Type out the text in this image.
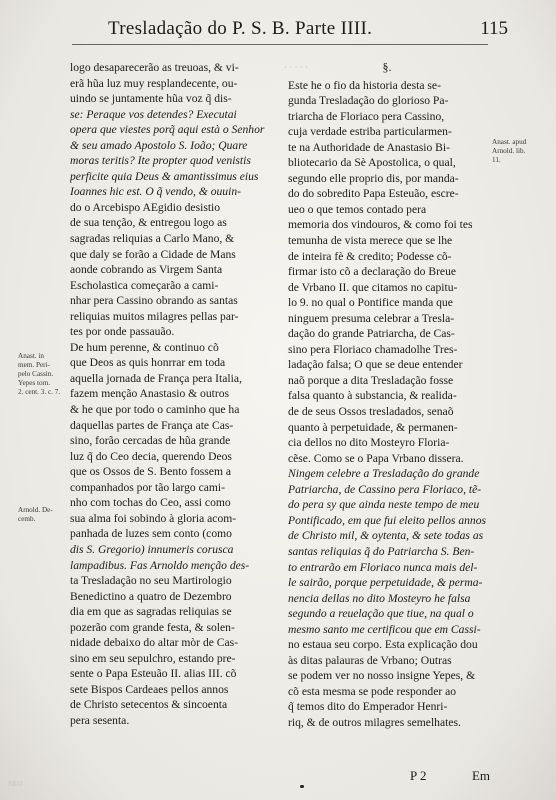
Tresladação do P. S. B. Parte IIII.	115
· · · · ·
logo desaparecerão as treuoas, & vi-
erã hũa luz muy resplandecente, ou-
uindo se juntamente hũa voz q̃ dis-
se: Peraque vos detendes? Executai
opera que viestes porq̃ aqui està o Senhor
& seu amado Apostolo S. Ioão; Quare
moras teritis? Ite propter quod venistis
perficite quia Deus & amantissimus eius
Ioannes hic est. O q̃ vendo, & ouuin-
do o Arcebispo AEgidio desistio
de sua tenção, & entregou logo as
sagradas reliquias a Carlo Mano, &
que daly se forão a Cidade de Mans
aonde cobrando as Virgem Santa
Escholastica começarão a cami-
nhar pera Cassino obrando as santas
reliquias muitos milagres pellas par-
tes por onde passauão.
De hum perenne, & continuo cõ
que Deos as quis honrrar em toda
aquella jornada de França pera Italia,
fazem menção Anastasio & outros
& he que por todo o caminho que ha
daquellas partes de França ate Cas-
sino, forão cercadas de hũa grande
luz q̃ do Ceo decia, querendo Deos
que os Ossos de S. Bento fossem a
companhados por tão largo cami-
nho com tochas do Ceo, assi como
sua alma foi sobindo à gloria acom-
panhada de luzes sem conto (como
dis S. Gregorio) innumeris corusca
lampadibus. Fas Arnoldo menção des-
ta Tresladação no seu Martirologio
Benedictino a quatro de Dezembro
dia em que as sagradas reliquias se
pozerão com grande festa, & solen-
nidade debaixo do altar mòr de Cas-
sino em seu sepulchro, estando pre-
sente o Papa Esteuão II. alias III. cõ
sete Bispos Cardeaes pellos annos
de Christo setecentos & sincoenta
pera sesenta.
§.
Este he o fio da historia desta se-
gunda Tresladação do glorioso Pa-
triarcha de Floriaco pera Cassino,
cuja verdade estriba particularmen-
te na Authoridade de Anastasio Bi-
bliotecario da Sè Apostolica, o qual,
segundo elle proprio dis, por manda-
do do sobredito Papa Esteuão, escre-
ueo o que temos contado pera
memoria dos vindouros, & como foi tes
temunha de vista merece que se lhe
de inteira fè & credito; Podesse cõ-
firmar isto cõ a declaração do Breue
de Vrbano II. que citamos no capitu-
lo 9. no qual o Pontifice manda que
ninguem presuma celebrar a Tresla-
dação do grande Patriarcha, de Cas-
sino pera Floriaco chamadolhe Tres-
ladação falsa; O que se deue entender
naõ porque a dita Tresladação fosse
falsa quanto à substancia, & realida-
de de seus Ossos tresladados, senaõ
quanto à perpetuidade, & permanen-
cia dellos no dito Mosteyro Floria-
cẽse. Como se o Papa Vrbano dissera.
Ningem celebre a Tresladação do grande
Patriarcha, de Cassino pera Floriaco, tẽ-
do pera sy que ainda neste tempo de meu
Pontificado, em que fui eleito pellos annos
de Christo mil, & oytenta, & sete todas as
santas reliquias q̃ do Patriarcha S. Ben-
to entrarão em Floriaco nunca mais del-
le sairão, porque perpetuidade, & perma-
nencia dellas no dito Mosteyro he falsa
segundo a reuelação que tiue, na qual o
mesmo santo me certificou que em Cassi-
no estaua seu corpo. Esta explicação dou
às ditas palauras de Vrbano; Outras
se podem ver no nosso insigne Yepes, &
cõ esta mesma se pode responder ao
q̃ temos dito do Emperador Henri-
riq, & de outros milagres semelhates.
Anast. in
mem. Peri-
pelo Cassin.
Yepes tom.
2. cent. 3. c. 7.
Arnold. De-
cemb.
Anast. apud
Arnold. lib.
11.
P 2	Em
NEO
